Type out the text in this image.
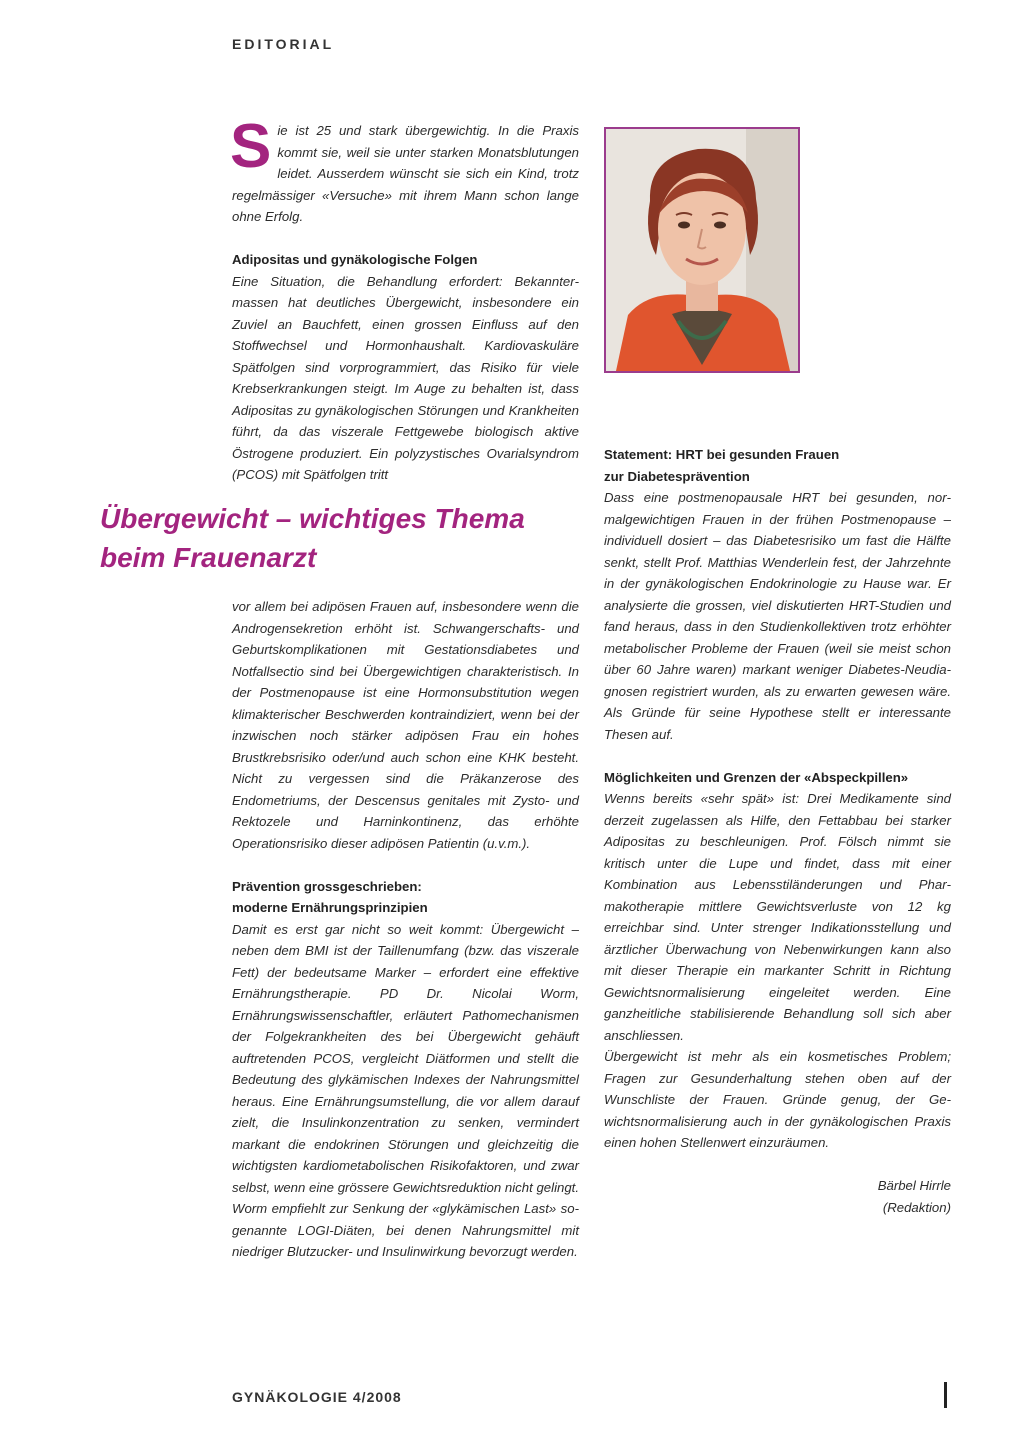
EDITORIAL

Sie ist 25 und stark übergewichtig. In die Praxis kommt sie, weil sie unter starken Monatsblutungen leidet. Ausserdem wünscht sie sich ein Kind, trotz regelmässiger «Versuche» mit ihrem Mann schon lange ohne Erfolg.

Adipositas und gynäkologische Folgen

Eine Situation, die Behandlung erfordert: Bekanntermassen hat deutliches Übergewicht, insbesondere ein Zuviel an Bauchfett, einen grossen Einfluss auf den Stoffwechsel und Hormonhaushalt. Kardiovaskuläre Spätfolgen sind vorprogrammiert, das Risiko für viele Krebserkrankungen steigt. Im Auge zu behalten ist, dass Adipositas zu gynäkologischen Störungen und Krankheiten führt, da das viszerale Fettgewebe biologisch aktive Östrogene produziert. Ein polyzystisches Ovarialsyndrom (PCOS) mit Spätfolgen tritt

Übergewicht – wichtiges Thema
beim Frauenarzt

vor allem bei adipösen Frauen auf, insbesondere wenn die Androgensekretion erhöht ist. Schwangerschafts- und Geburtskomplikationen mit Gestationsdiabetes und Notfallsectio sind bei Übergewichtigen charakteristisch. In der Postmenopause ist eine Hormonsubstitution wegen klimakterischer Beschwerden kontraindiziert, wenn bei der inzwischen noch stärker adipösen Frau ein hohes Brustkrebsrisiko oder/und auch schon eine KHK besteht. Nicht zu vergessen sind die Präkanzerose des Endometriums, der Descensus genitales mit Zysto- und Rektozele und Harninkontinenz, das erhöhte Operationsrisiko dieser adipösen Patientin (u.v.m.).

Prävention grossgeschrieben:
moderne Ernährungsprinzipien

Damit es erst gar nicht so weit kommt: Übergewicht – neben dem BMI ist der Taillenumfang (bzw. das viszerale Fett) der bedeutsame Marker – erfordert eine effektive Ernährungstherapie. PD Dr. Nicolai Worm, Ernährungswissenschaftler, erläutert Pathomechanismen der Folgekrankheiten des bei Übergewicht gehäuft auftretenden PCOS, vergleicht Diätformen und stellt die Bedeutung des glykämischen Indexes der Nahrungsmittel heraus. Eine Ernährungsumstellung, die vor allem darauf zielt, die Insulinkonzentration zu senken, vermindert markant die endokrinen Störungen und gleichzeitig die wichtigsten kardiometabolischen Risikofaktoren, und zwar selbst, wenn eine grössere Gewichtsreduktion nicht gelingt. Worm empfiehlt zur Senkung der «glykämischen Last» sogenannte LOGI-Diäten, bei denen Nahrungsmittel mit niedriger Blutzucker- und Insulinwirkung bevorzugt werden.

Statement: HRT bei gesunden Frauen
zur Diabetesprävention

Dass eine postmenopausale HRT bei gesunden, normalgewichtigen Frauen in der frühen Postmenopause – individuell dosiert – das Diabetesrisiko um fast die Hälfte senkt, stellt Prof. Matthias Wenderlein fest, der Jahrzehnte in der gynäkologischen Endokrinologie zu Hause war. Er analysierte die grossen, viel diskutierten HRT-Studien und fand heraus, dass in den Studienkollektiven trotz erhöhter metabolischer Probleme der Frauen (weil sie meist schon über 60 Jahre waren) markant weniger Diabetes-Neudiagnosen registriert wurden, als zu erwarten gewesen wäre. Als Gründe für seine Hypothese stellt er interessante Thesen auf.

Möglichkeiten und Grenzen der «Abspeckpillen»

Wenns bereits «sehr spät» ist: Drei Medikamente sind derzeit zugelassen als Hilfe, den Fettabbau bei starker Adipositas zu beschleunigen. Prof. Fölsch nimmt sie kritisch unter die Lupe und findet, dass mit einer Kombination aus Lebensstiländerungen und Pharmakotherapie mittlere Gewichtsverluste von 12 kg erreichbar sind. Unter strenger Indikationsstellung und ärztlicher Überwachung von Nebenwirkungen kann also mit dieser Therapie ein markanter Schritt in Richtung Gewichtsnormalisierung eingeleitet werden. Eine ganzheitliche stabilisierende Behandlung soll sich aber anschliessen.

Übergewicht ist mehr als ein kosmetisches Problem; Fragen zur Gesunderhaltung stehen oben auf der Wunschliste der Frauen. Gründe genug, der Gewichtsnormalisierung auch in der gynäkologischen Praxis einen hohen Stellenwert einzuräumen.

Bärbel Hirrle

(Redaktion)

GYNÄKOLOGIE 4/2008
